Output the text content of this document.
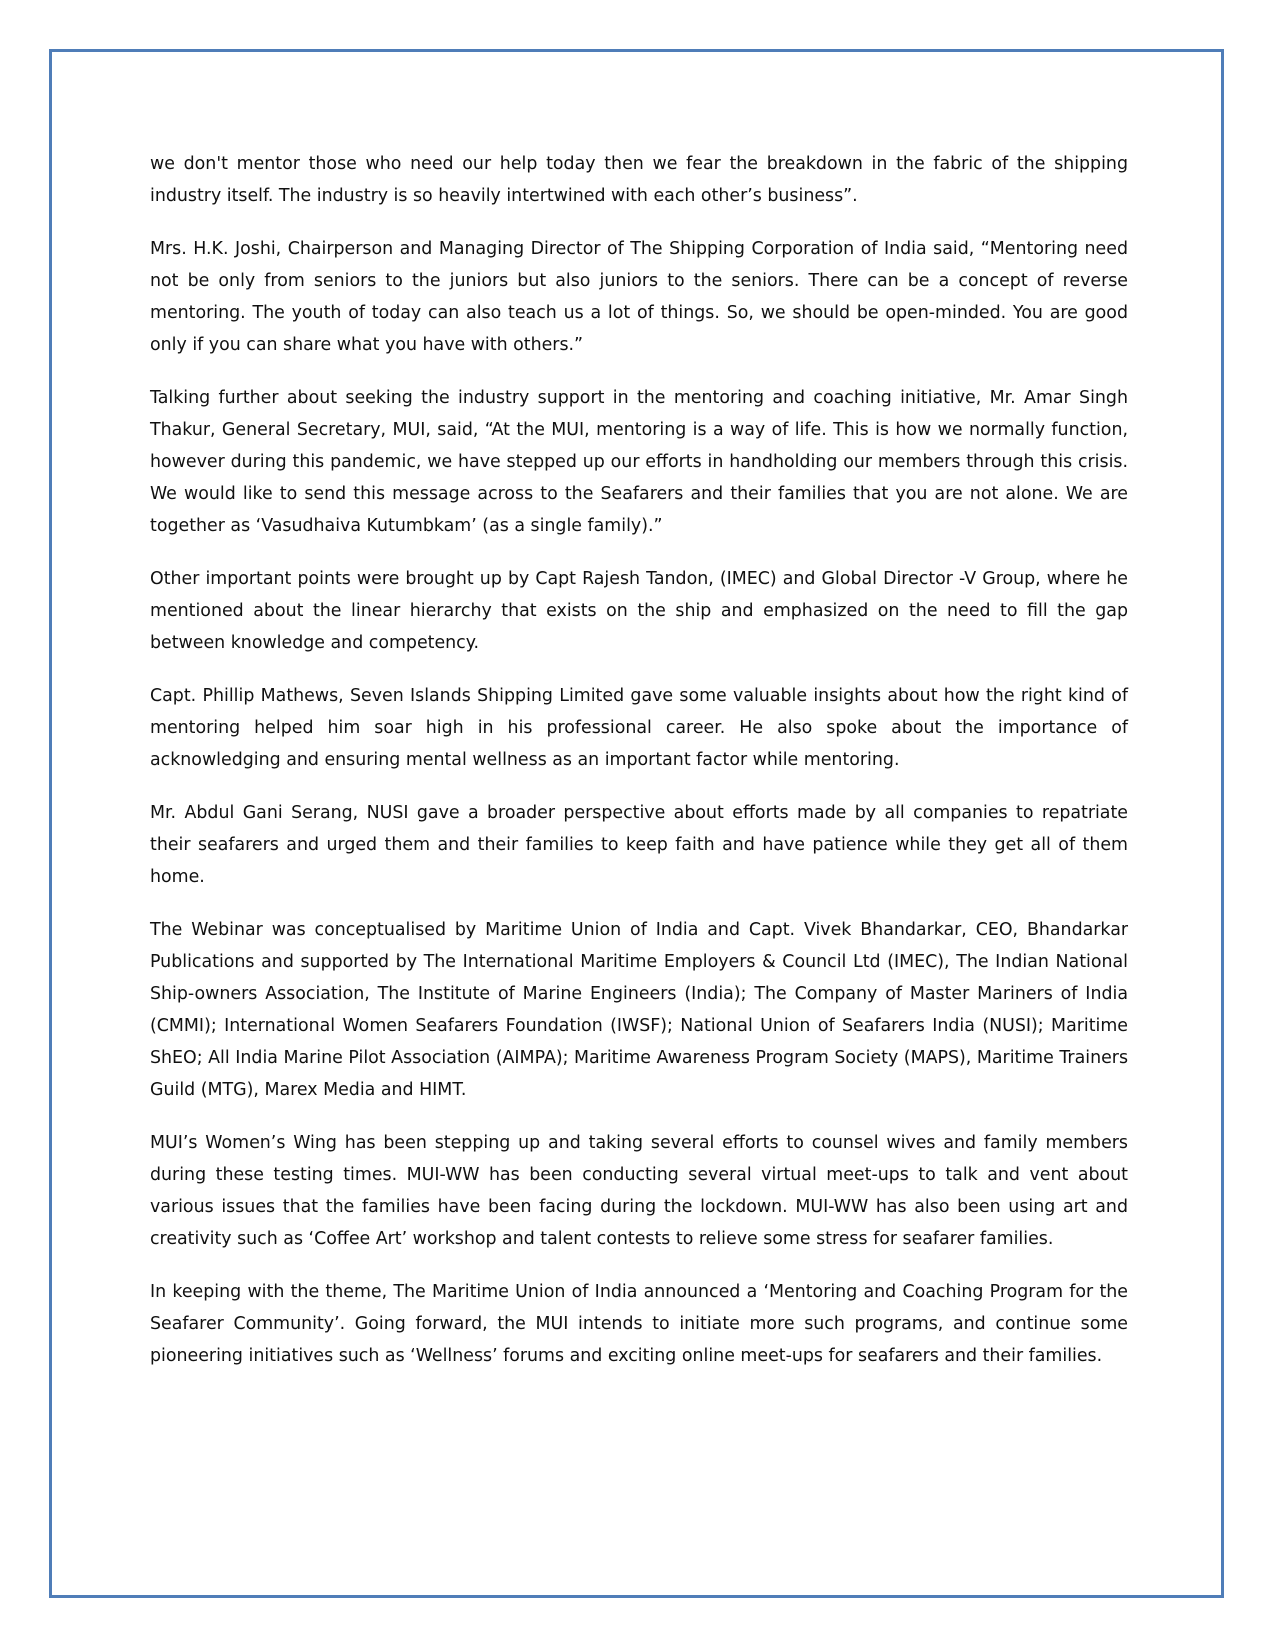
we don't mentor those who need our help today then we fear the breakdown in the fabric of the shipping industry itself. The industry is so heavily intertwined with each other’s business”.

Mrs. H.K. Joshi, Chairperson and Managing Director of The Shipping Corporation of India said, “Mentoring need not be only from seniors to the juniors but also juniors to the seniors. There can be a concept of reverse mentoring. The youth of today can also teach us a lot of things. So, we should be open-minded. You are good only if you can share what you have with others.”

Talking further about seeking the industry support in the mentoring and coaching initiative, Mr. Amar Singh Thakur, General Secretary, MUI, said, “At the MUI, mentoring is a way of life. This is how we normally function, however during this pandemic, we have stepped up our efforts in handholding our members through this crisis. We would like to send this message across to the Seafarers and their families that you are not alone. We are together as ‘Vasudhaiva Kutumbkam’ (as a single family).”

Other important points were brought up by Capt Rajesh Tandon, (IMEC) and Global Director -V Group, where he mentioned about the linear hierarchy that exists on the ship and emphasized on the need to fill the gap between knowledge and competency.

Capt. Phillip Mathews, Seven Islands Shipping Limited gave some valuable insights about how the right kind of mentoring helped him soar high in his professional career. He also spoke about the importance of acknowledging and ensuring mental wellness as an important factor while mentoring.

Mr. Abdul Gani Serang, NUSI gave a broader perspective about efforts made by all companies to repatriate their seafarers and urged them and their families to keep faith and have patience while they get all of them home.

The Webinar was conceptualised by Maritime Union of India and Capt. Vivek Bhandarkar, CEO, Bhandarkar Publications and supported by The International Maritime Employers & Council Ltd (IMEC), The Indian National Ship-owners Association, The Institute of Marine Engineers (India); The Company of Master Mariners of India (CMMI); International Women Seafarers Foundation (IWSF); National Union of Seafarers India (NUSI); Maritime ShEO; All India Marine Pilot Association (AIMPA); Maritime Awareness Program Society (MAPS), Maritime Trainers Guild (MTG), Marex Media and HIMT.

MUI’s Women’s Wing has been stepping up and taking several efforts to counsel wives and family members during these testing times. MUI-WW has been conducting several virtual meet-ups to talk and vent about various issues that the families have been facing during the lockdown. MUI-WW has also been using art and creativity such as ‘Coffee Art’ workshop and talent contests to relieve some stress for seafarer families.

In keeping with the theme, The Maritime Union of India announced a ‘Mentoring and Coaching Program for the Seafarer Community’. Going forward, the MUI intends to initiate more such programs, and continue some pioneering initiatives such as ‘Wellness’ forums and exciting online meet-ups for seafarers and their families.
